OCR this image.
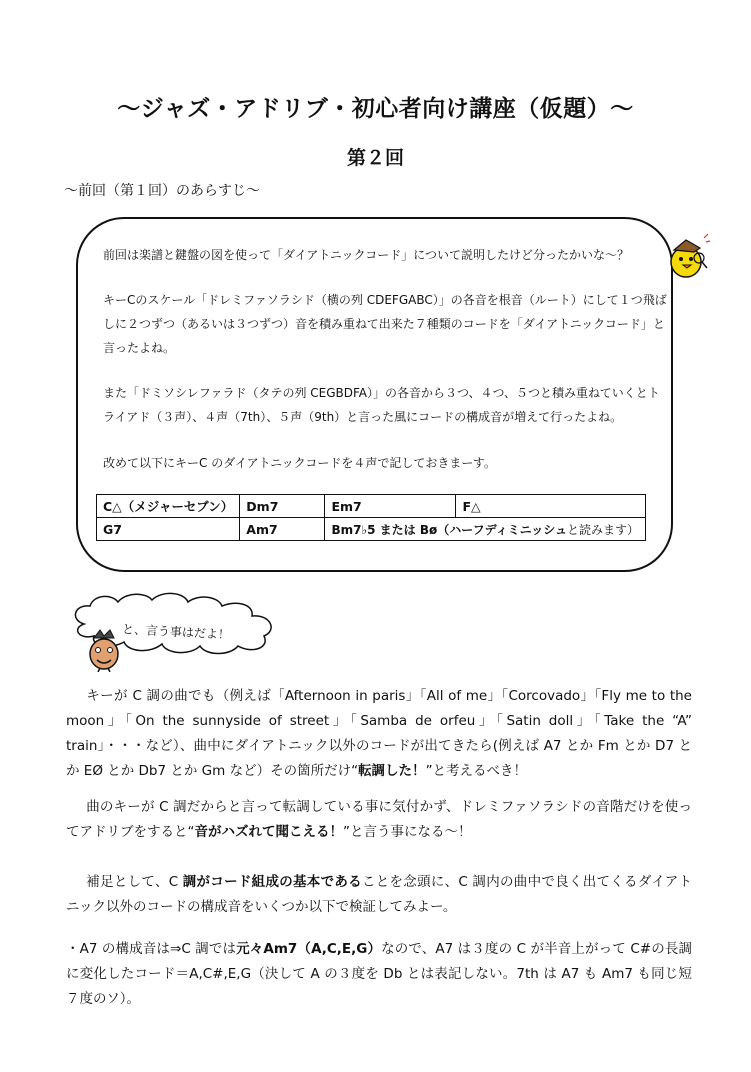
～ジャズ・アドリブ・初心者向け講座（仮題）～
第２回
～前回（第１回）のあらすじ～

前回は楽譜と鍵盤の図を使って「ダイアトニックコード」について説明したけど分ったかいな～？

キーCのスケール「ドレミファソラシド（横の列 CDEFGABC）」の各音を根音（ルート）にして１つ飛ばしに２つずつ（あるいは３つずつ）音を積み重ねて出来た７種類のコードを「ダイアトニックコード」と言ったよね。

また「ドミソシレファラド（タテの列 CEGBDFA）」の各音から３つ、４つ、５つと積み重ねていくとトライアド（３声）、４声（7th）、５声（9th）と言った風にコードの構成音が増えて行ったよね。

改めて以下にキーC のダイアトニックコードを４声で記しておきまーす。

C△（メジャーセブン）	Dm7	Em7	F△
G7	Am7	Bm7♭5 または Bø（ハーフディミニッシュと読みます）	
と、言う事はだよ！

キーが C 調の曲でも（例えば「Afternoon in paris」「All of me」「Corcovado」「Fly me to the moon」「On the sunnyside of street」「Samba de orfeu」「Satin doll」「Take the “A” train」・・・など）、曲中にダイアトニック以外のコードが出てきたら(例えば A7 とか Fm とか D7 とか EØ とか Db7 とか Gm など）その箇所だけ“転調した！”と考えるべき！

曲のキーが C 調だからと言って転調している事に気付かず、ドレミファソラシドの音階だけを使ってアドリブをすると“音がハズれて聞こえる！”と言う事になる～！

補足として、C 調がコード組成の基本であることを念頭に、C 調内の曲中で良く出てくるダイアトニック以外のコードの構成音をいくつか以下で検証してみよー。

・A7 の構成音は⇒C 調では元々Am7（A,C,E,G）なので、A7 は３度の C が半音上がって C#の長調に変化したコード＝A,C#,E,G（決して A の３度を Db とは表記しない。7th は A7 も Am7 も同じ短７度のソ）。
